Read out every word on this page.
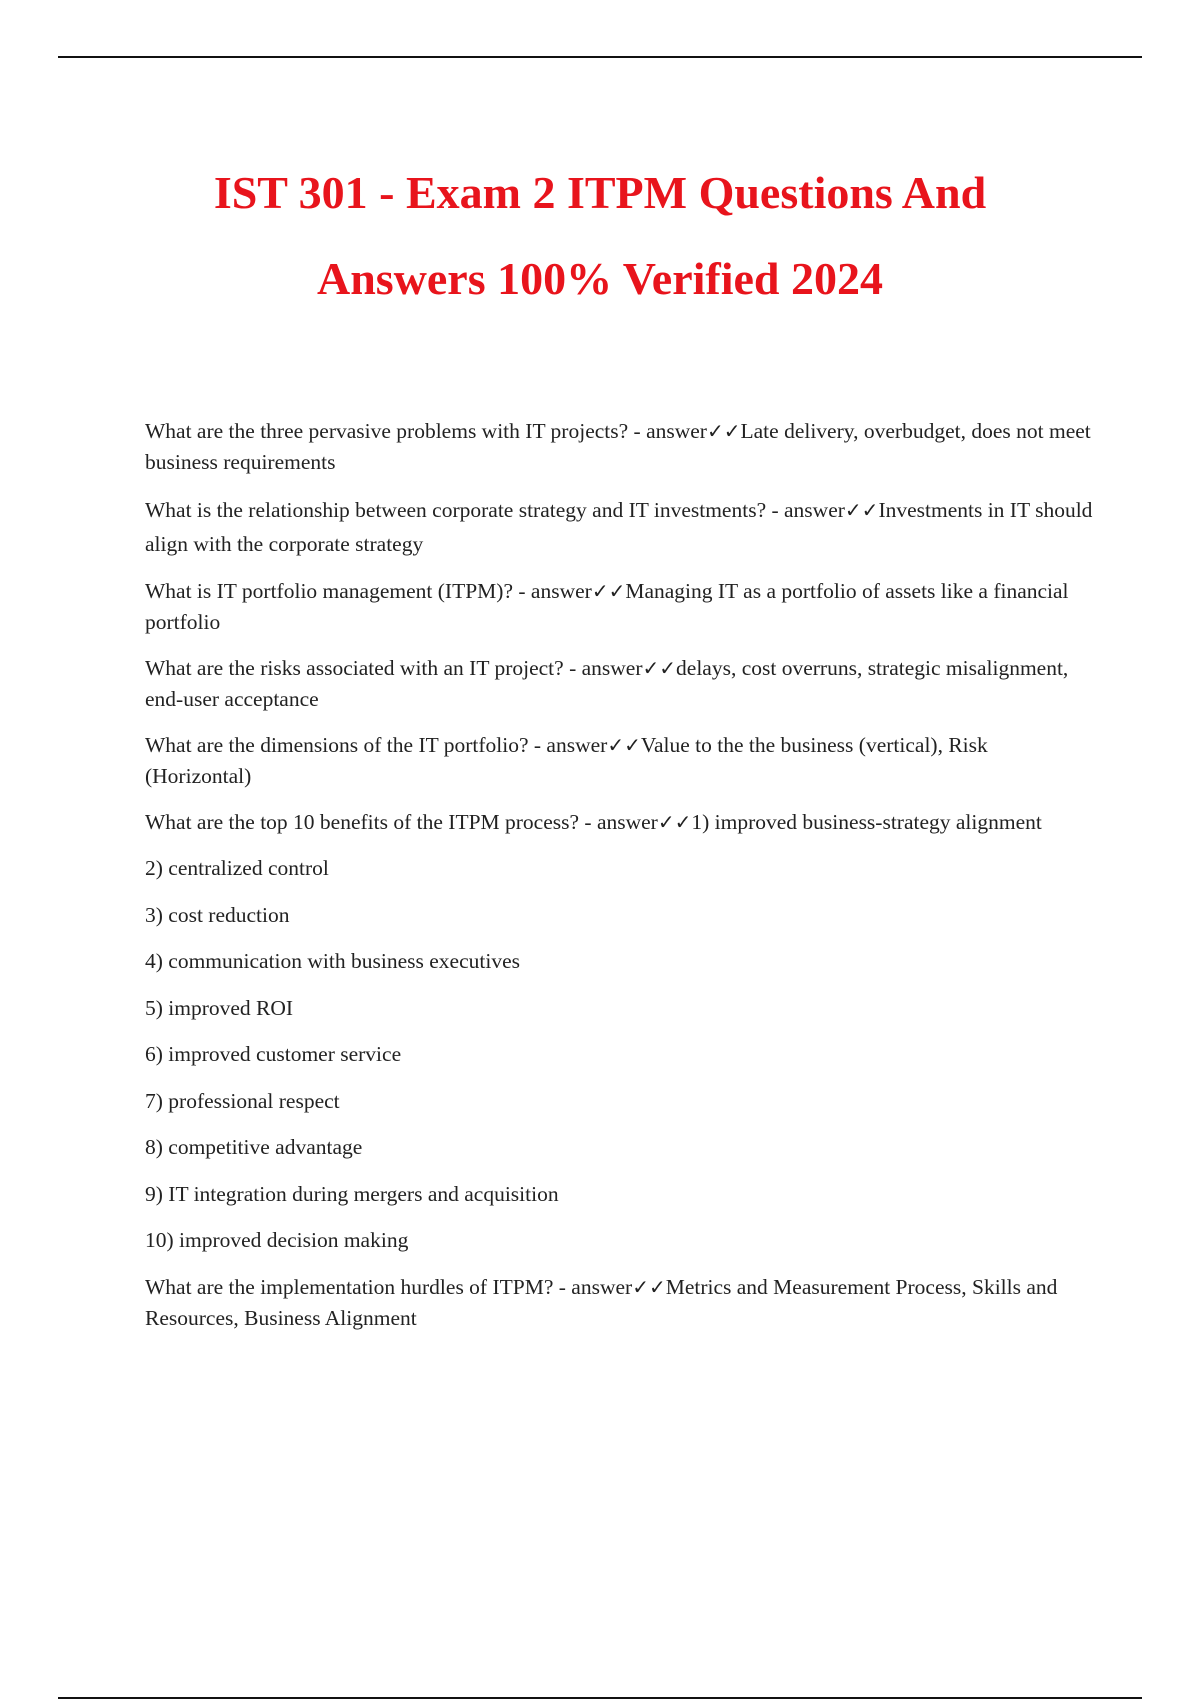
IST 301 - Exam 2 ITPM Questions And
Answers 100% Verified 2024

What are the three pervasive problems with IT projects? - answer✓✓Late delivery, overbudget, does not meet business requirements

What is the relationship between corporate strategy and IT investments? - answer✓✓Investments in IT should align with the corporate strategy

What is IT portfolio management (ITPM)? - answer✓✓Managing IT as a portfolio of assets like a financial portfolio

What are the risks associated with an IT project? - answer✓✓delays, cost overruns, strategic misalignment, end-user acceptance

What are the dimensions of the IT portfolio? - answer✓✓Value to the the business (vertical), Risk (Horizontal)

What are the top 10 benefits of the ITPM process? - answer✓✓1) improved business-strategy alignment

2) centralized control
3) cost reduction
4) communication with business executives
5) improved ROI
6) improved customer service
7) professional respect
8) competitive advantage
9) IT integration during mergers and acquisition
10) improved decision making

What are the implementation hurdles of ITPM? - answer✓✓Metrics and Measurement Process, Skills and Resources, Business Alignment
